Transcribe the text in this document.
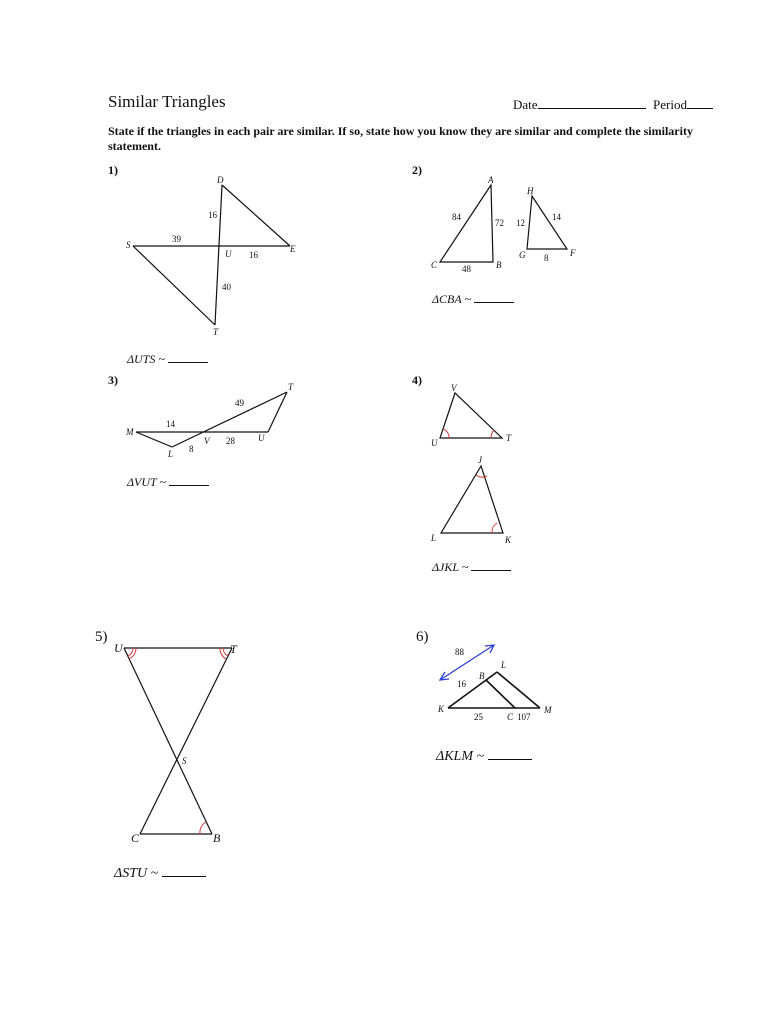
Similar Triangles	Date	Period
State if the triangles in each pair are similar. If so, state how you know they are similar and complete the similarity statement.
1)	2)
3)	4)
5)	6)
ΔUTS ~
ΔCBA ~
ΔVUT ~
ΔJKL ~
ΔSTU ~
ΔKLM ~
D
S
U	E
T
16
39
16
40
A
C	B
H
G	F
84
72
48
12
14
8
T
M
L
V	U
49
14
8
28
V
U	T
J
L	K
U	T
S
C	B
L
B
K
C
M
88
16
25	107
